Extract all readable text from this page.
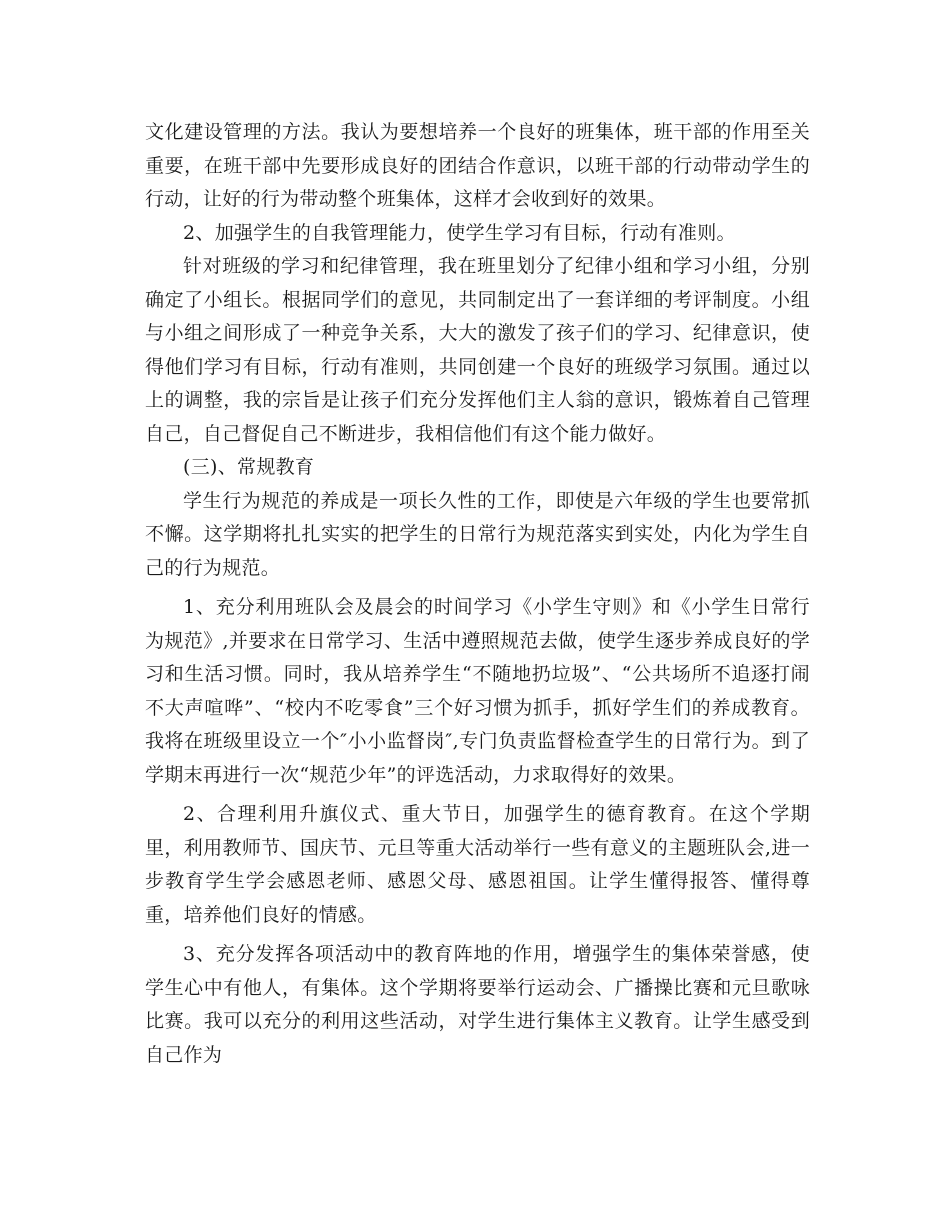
文化建设管理的方法。我认为要想培养一个良好的班集体，班干部的作用至关重要，在班干部中先要形成良好的团结合作意识，以班干部的行动带动学生的行动，让好的行为带动整个班集体，这样才会收到好的效果。

2、加强学生的自我管理能力，使学生学习有目标，行动有准则。

针对班级的学习和纪律管理，我在班里划分了纪律小组和学习小组，分别确定了小组长。根据同学们的意见，共同制定出了一套详细的考评制度。小组与小组之间形成了一种竞争关系，大大的激发了孩子们的学习、纪律意识，使得他们学习有目标，行动有准则，共同创建一个良好的班级学习氛围。通过以上的调整，我的宗旨是让孩子们充分发挥他们主人翁的意识，锻炼着自己管理自己，自己督促自己不断进步，我相信他们有这个能力做好。

(三)、常规教育

学生行为规范的养成是一项长久性的工作，即使是六年级的学生也要常抓不懈。这学期将扎扎实实的把学生的日常行为规范落实到实处，内化为学生自己的行为规范。

1、充分利用班队会及晨会的时间学习《小学生守则》和《小学生日常行为规范》,并要求在日常学习、生活中遵照规范去做，使学生逐步养成良好的学习和生活习惯。同时，我从培养学生“不随地扔垃圾”、“公共场所不追逐打闹不大声喧哗”、“校内不吃零食”三个好习惯为抓手，抓好学生们的养成教育。我将在班级里设立一个″小小监督岗″,专门负责监督检查学生的日常行为。到了学期末再进行一次“规范少年”的评选活动，力求取得好的效果。

2、合理利用升旗仪式、重大节日，加强学生的德育教育。在这个学期里，利用教师节、国庆节、元旦等重大活动举行一些有意义的主题班队会,进一步教育学生学会感恩老师、感恩父母、感恩祖国。让学生懂得报答、懂得尊重，培养他们良好的情感。

3、充分发挥各项活动中的教育阵地的作用，增强学生的集体荣誉感，使学生心中有他人，有集体。这个学期将要举行运动会、广播操比赛和元旦歌咏比赛。我可以充分的利用这些活动，对学生进行集体主义教育。让学生感受到自己作为
